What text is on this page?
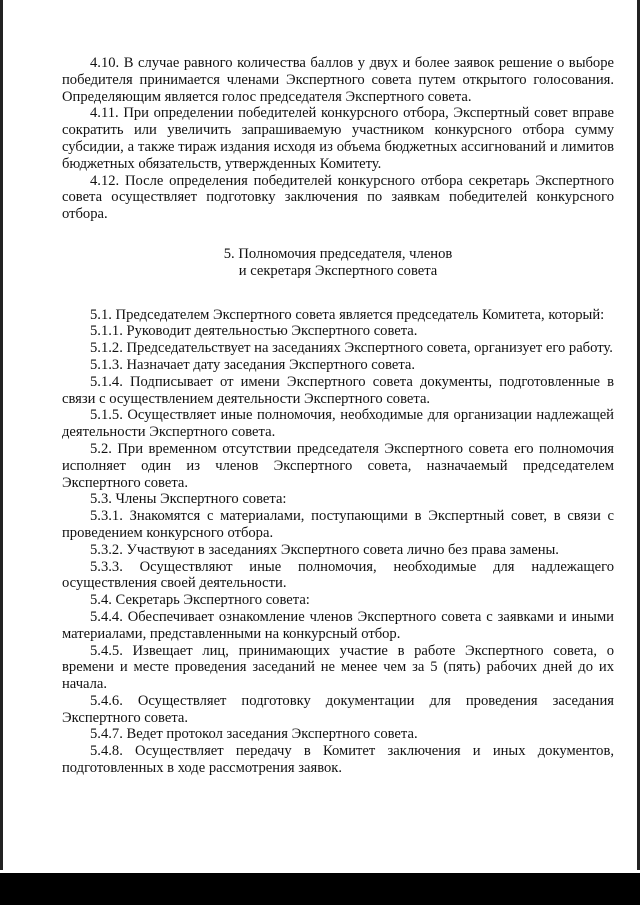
4.10. В случае равного количества баллов у двух и более заявок решение о выборе победителя принимается членами Экспертного совета путем открытого голосования. Определяющим является голос председателя Экспертного совета.

4.11. При определении победителей конкурсного отбора, Экспертный совет вправе сократить или увеличить запрашиваемую участником конкурсного отбора сумму субсидии, а также тираж издания исходя из объема бюджетных ассигнований и лимитов бюджетных обязательств, утвержденных Комитету.

4.12. После определения победителей конкурсного отбора секретарь Экспертного совета осуществляет подготовку заключения по заявкам победителей конкурсного отбора.

5. Полномочия председателя, членов
и секретаря Экспертного совета

5.1. Председателем Экспертного совета является председатель Комитета, который:

5.1.1. Руководит деятельностью Экспертного совета.

5.1.2. Председательствует на заседаниях Экспертного совета, организует его работу.

5.1.3. Назначает дату заседания Экспертного совета.

5.1.4. Подписывает от имени Экспертного совета документы, подготовленные в связи с осуществлением деятельности Экспертного совета.

5.1.5. Осуществляет иные полномочия, необходимые для организации надлежащей деятельности Экспертного совета.

5.2. При временном отсутствии председателя Экспертного совета его полномочия исполняет один из членов Экспертного совета, назначаемый председателем Экспертного совета.

5.3. Члены Экспертного совета:

5.3.1. Знакомятся с материалами, поступающими в Экспертный совет, в связи с проведением конкурсного отбора.

5.3.2. Участвуют в заседаниях Экспертного совета лично без права замены.

5.3.3. Осуществляют иные полномочия, необходимые для надлежащего осуществления своей деятельности.

5.4. Секретарь Экспертного совета:

5.4.4. Обеспечивает ознакомление членов Экспертного совета с заявками и иными материалами, представленными на конкурсный отбор.

5.4.5. Извещает лиц, принимающих участие в работе Экспертного совета, о времени и месте проведения заседаний не менее чем за 5 (пять) рабочих дней до их начала.

5.4.6. Осуществляет подготовку документации для проведения заседания Экспертного совета.

5.4.7. Ведет протокол заседания Экспертного совета.

5.4.8. Осуществляет передачу в Комитет заключения и иных документов, подготовленных в ходе рассмотрения заявок.
